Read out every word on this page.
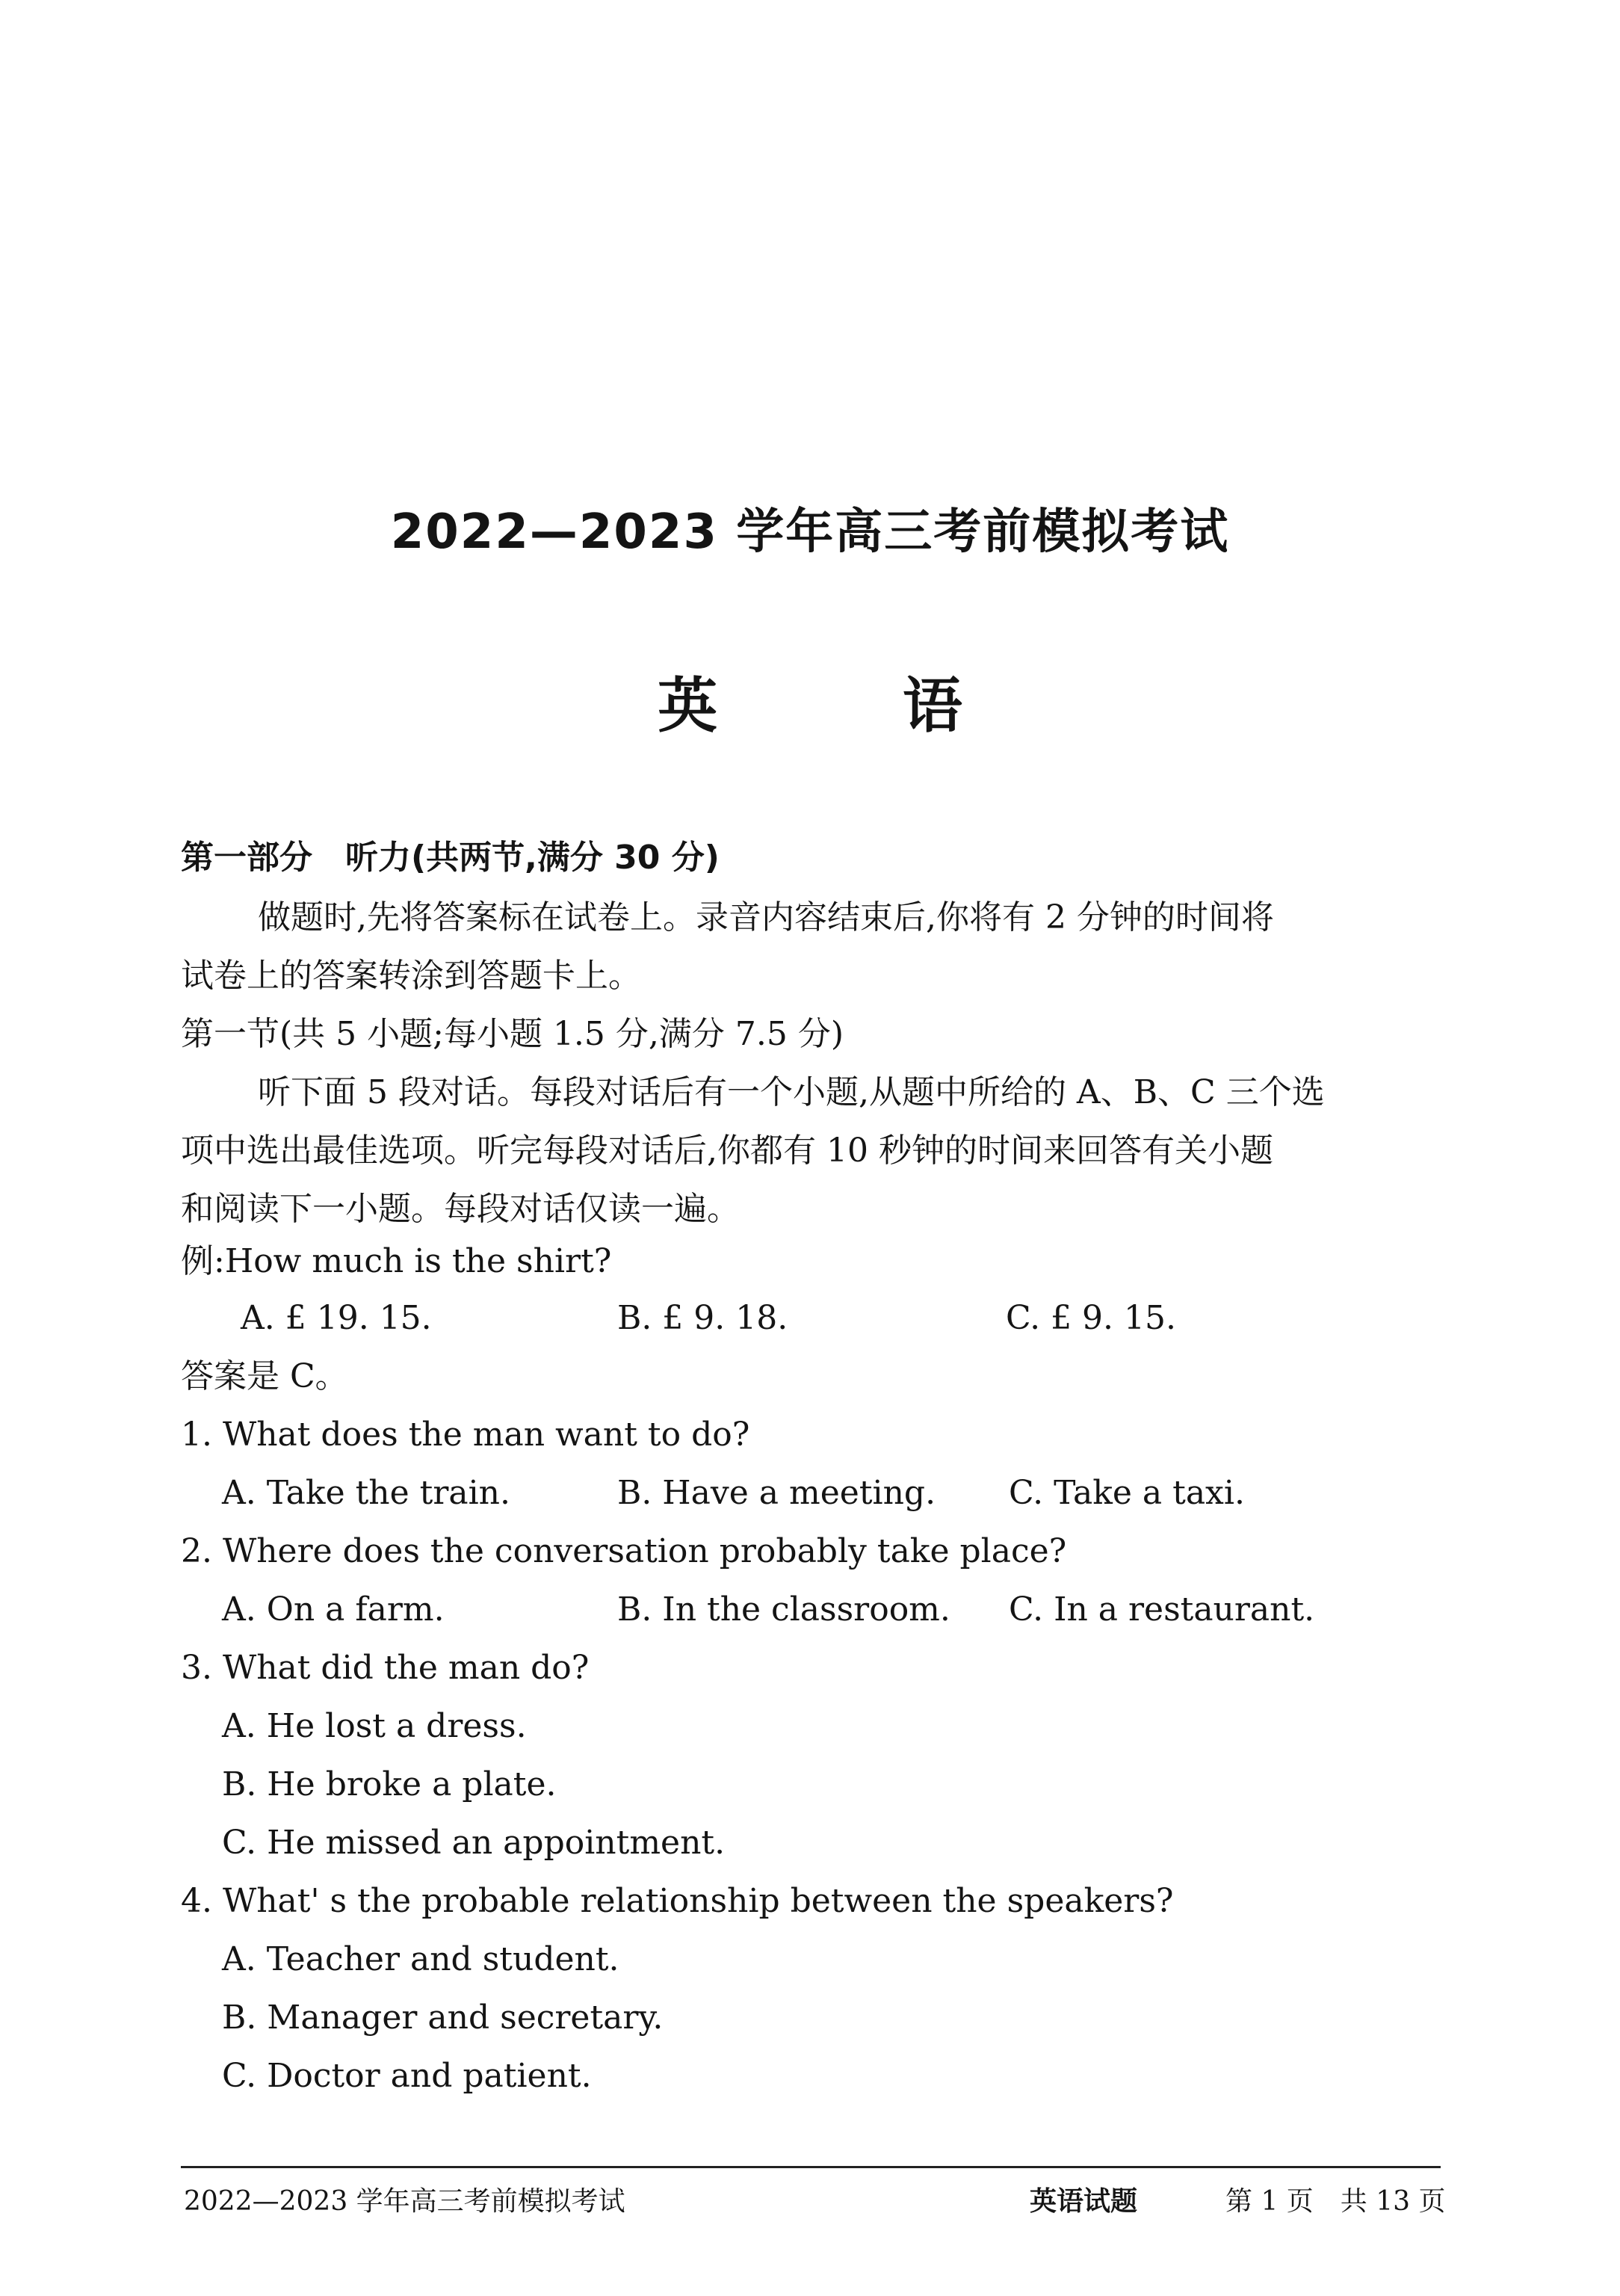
2022—2023 学年高三考前模拟考试
英 语
第一部分　听力(共两节,满分 30 分)
做题时,先将答案标在试卷上。录音内容结束后,你将有 2 分钟的时间将
试卷上的答案转涂到答题卡上。
第一节(共 5 小题;每小题 1.5 分,满分 7.5 分)
听下面 5 段对话。每段对话后有一个小题,从题中所给的 A、B、C 三个选
项中选出最佳选项。听完每段对话后,你都有 10 秒钟的时间来回答有关小题
和阅读下一小题。每段对话仅读一遍。
例:How much is the shirt?
A. £ 19. 15.	B. £ 9. 18.	C. £ 9. 15.
答案是 C。
1. What does the man want to do?
A. Take the train.	B. Have a meeting. C. Take a taxi.
2. Where does the conversation probably take place?
A. On a farm.	B. In the classroom. C. In a restaurant.
3. What did the man do?
A. He lost a dress.
B. He broke a plate.
C. He missed an appointment.
4. What' s the probable relationship between the speakers?
A. Teacher and student.
B. Manager and secretary.
C. Doctor and patient.
2022—2023 学年高三考前模拟考试	英语试题	第 1 页　共 13 页
